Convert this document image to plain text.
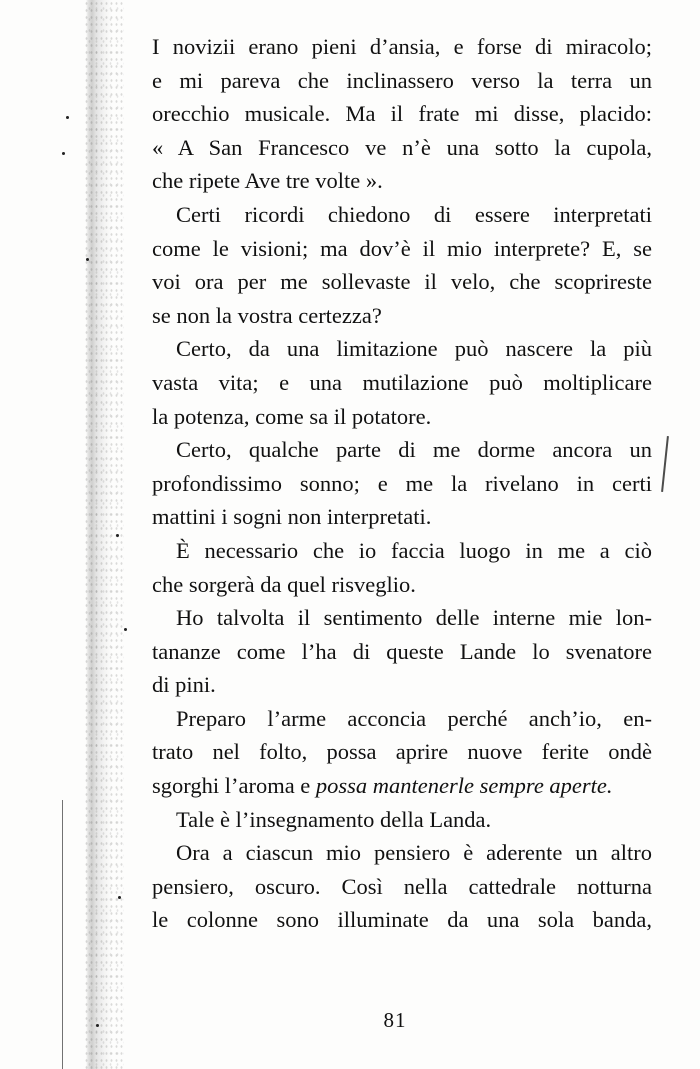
I novizii erano pieni d’ansia, e forse di miracolo;
e mi pareva che inclinassero verso la terra un
orecchio musicale. Ma il frate mi disse, placido:
« A San Francesco ve n’è una sotto la cupola,
che ripete Ave tre volte ».
Certi ricordi chiedono di essere interpretati
come le visioni; ma dov’è il mio interprete? E, se
voi ora per me sollevaste il velo, che scoprireste
se non la vostra certezza?
Certo, da una limitazione può nascere la più
vasta vita; e una mutilazione può moltiplicare
la potenza, come sa il potatore.
Certo, qualche parte di me dorme ancora un
profondissimo sonno; e me la rivelano in certi
mattini i sogni non interpretati.
È necessario che io faccia luogo in me a ciò
che sorgerà da quel risveglio.
Ho talvolta il sentimento delle interne mie lon-
tananze come l’ha di queste Lande lo svenatore
di pini.
Preparo l’arme acconcia perché anch’io, en-
trato nel folto, possa aprire nuove ferite ondè
sgorghi l’aroma e possa mantenerle sempre aperte.
Tale è l’insegnamento della Landa.
Ora a ciascun mio pensiero è aderente un altro
pensiero, oscuro. Così nella cattedrale notturna
le colonne sono illuminate da una sola banda,
81
